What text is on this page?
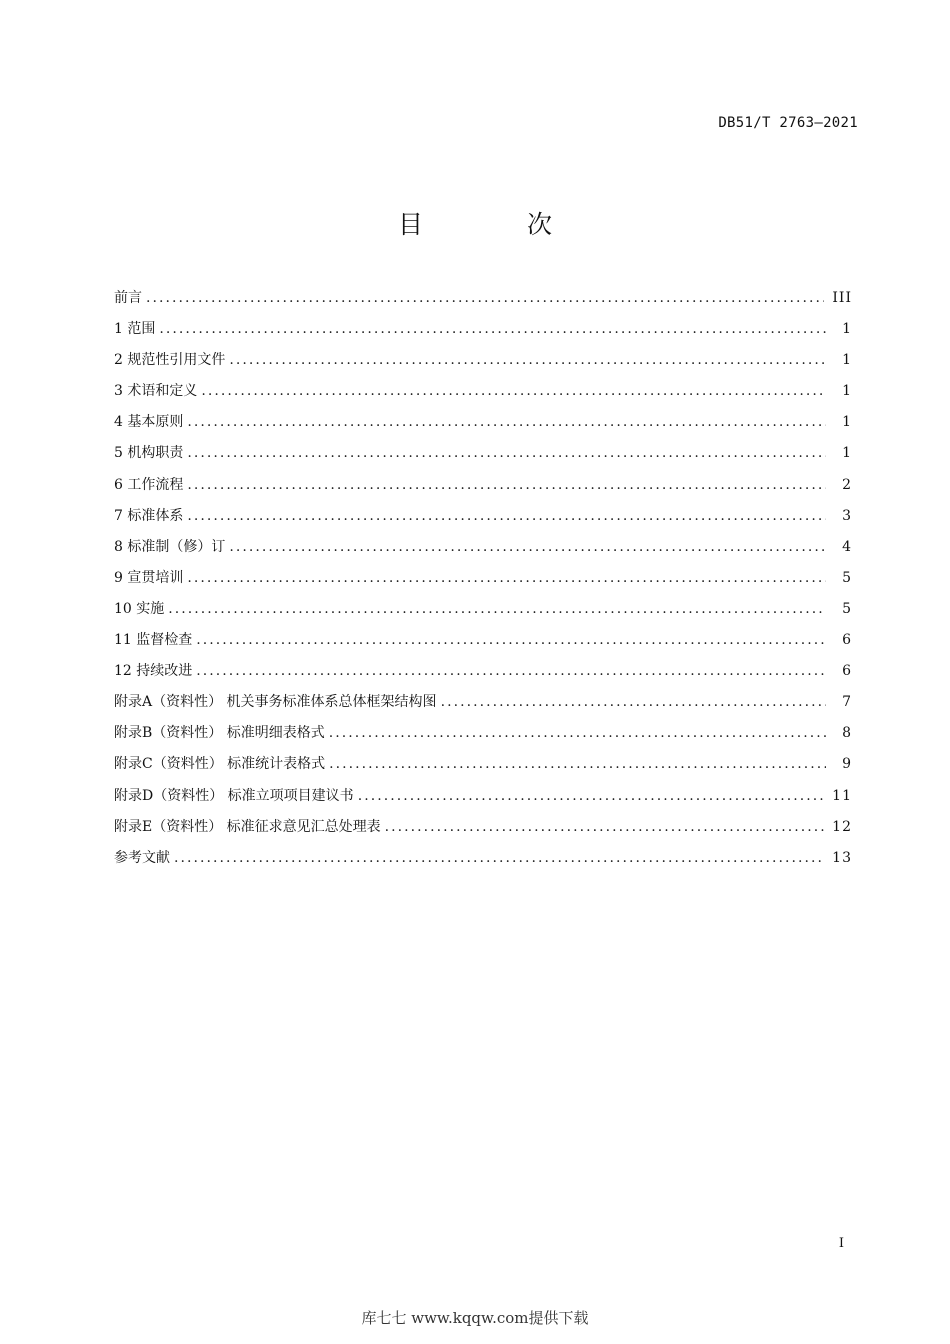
DB51/T 2763—2021
目 次
前言 . . .	III
1 范围 . . .	1
2 规范性引用文件 . . .	1
3 术语和定义 . . .	1
4 基本原则 . . .	1
5 机构职责 . . .	1
6 工作流程 . . .	2
7 标准体系 . . .	3
8 标准制（修）订 . . .	4
9 宣贯培训 . . .	5
10 实施 . . .	5
11 监督检查 . . .	6
12 持续改进 . . .	6
附录A（资料性） 机关事务标准体系总体框架结构图 . . .	7
附录B（资料性） 标准明细表格式 . . .	8
附录C（资料性） 标准统计表格式 . . .	9
附录D（资料性） 标准立项项目建议书 . . .	11
附录E（资料性） 标准征求意见汇总处理表 . . .	12
参考文献 . . .	13
I
库七七 www.kqqw.com提供下载
